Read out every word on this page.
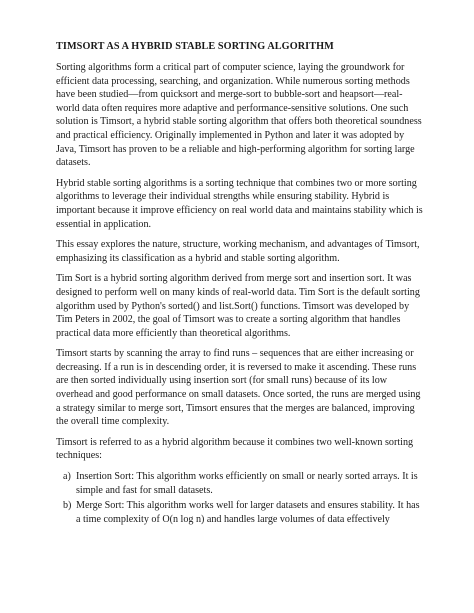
TIMSORT AS A HYBRID STABLE SORTING ALGORITHM

Sorting algorithms form a critical part of computer science, laying the groundwork for efficient data processing, searching, and organization. While numerous sorting methods have been studied—from quicksort and merge-sort to bubble-sort and heapsort—real-world data often requires more adaptive and performance-sensitive solutions. One such solution is Timsort, a hybrid stable sorting algorithm that offers both theoretical soundness and practical efficiency. Originally implemented in Python and later it was adopted by Java, Timsort has proven to be a reliable and high-performing algorithm for sorting large datasets.

Hybrid stable sorting algorithms is a sorting technique that combines two or more sorting algorithms to leverage their individual strengths while ensuring stability. Hybrid is important because it improve efficiency on real world data and maintains stability which is essential in application.

This essay explores the nature, structure, working mechanism, and advantages of Timsort, emphasizing its classification as a hybrid and stable sorting algorithm.

Tim Sort is a hybrid sorting algorithm derived from merge sort and insertion sort. It was designed to perform well on many kinds of real-world data. Tim Sort is the default sorting algorithm used by Python's sorted() and list.Sort() functions. Timsort was developed by Tim Peters in 2002, the goal of Timsort was to create a sorting algorithm that handles practical data more efficiently than theoretical algorithms.

Timsort starts by scanning the array to find runs – sequences that are either increasing or decreasing. If a run is in descending order, it is reversed to make it ascending. These runs are then sorted individually using insertion sort (for small runs) because of its low overhead and good performance on small datasets. Once sorted, the runs are merged using a strategy similar to merge sort, Timsort ensures that the merges are balanced, improving the overall time complexity.

Timsort is referred to as a hybrid algorithm because it combines two well-known sorting techniques:

a) Insertion Sort: This algorithm works efficiently on small or nearly sorted arrays. It is simple and fast for small datasets.
b) Merge Sort: This algorithm works well for larger datasets and ensures stability. It has a time complexity of O(n log n) and handles large volumes of data effectively
